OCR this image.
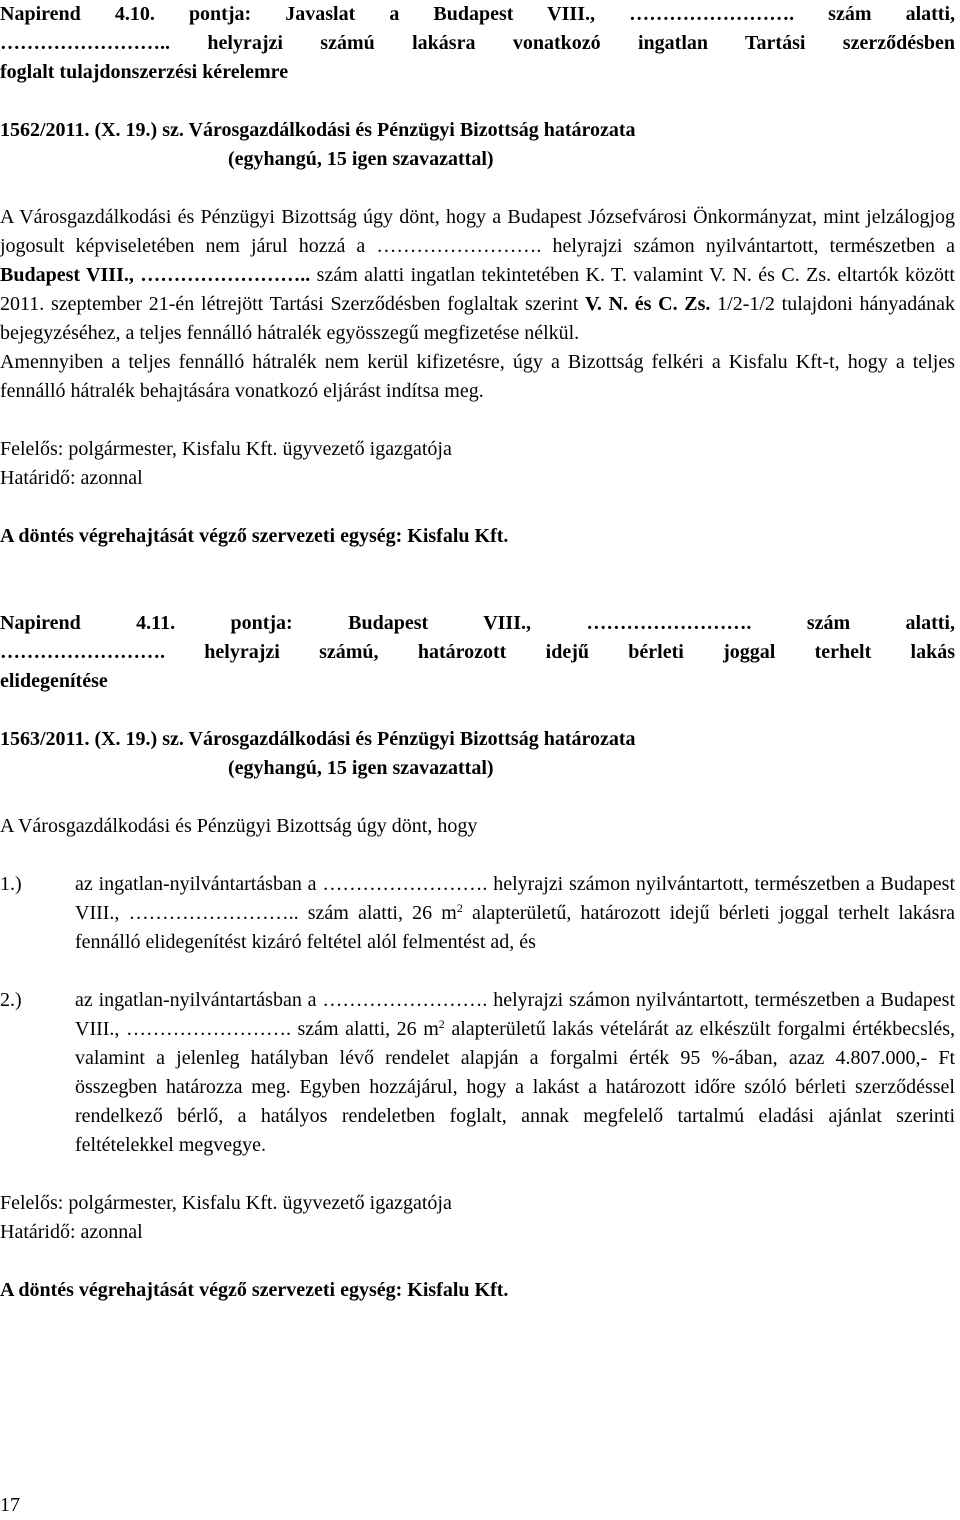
Napirend 4.10. pontja: Javaslat a Budapest VIII., ……………………. szám alatti,

…………………….. helyrajzi számú lakásra vonatkozó ingatlan Tartási szerződésben

foglalt tulajdonszerzési kérelemre

1562/2011. (X. 19.) sz. Városgazdálkodási és Pénzügyi Bizottság határozata

(egyhangú, 15 igen szavazattal)

A Városgazdálkodási és Pénzügyi Bizottság úgy dönt, hogy a Budapest Józsefvárosi Önkormányzat, mint jelzálogjog jogosult képviseletében nem járul hozzá a ……………………. helyrajzi számon nyilvántartott, természetben a Budapest VIII., …………………….. szám alatti ingatlan tekintetében K. T. valamint V. N. és C. Zs. eltartók között 2011. szeptember 21-én létrejött Tartási Szerződésben foglaltak szerint V. N. és C. Zs. 1/2-1/2 tulajdoni hányadának bejegyzéséhez, a teljes fennálló hátralék egyösszegű megfizetése nélkül.

Amennyiben a teljes fennálló hátralék nem kerül kifizetésre, úgy a Bizottság felkéri a Kisfalu Kft-t, hogy a teljes fennálló hátralék behajtására vonatkozó eljárást indítsa meg.

Felelős: polgármester, Kisfalu Kft. ügyvezető igazgatója

Határidő: azonnal

A döntés végrehajtását végző szervezeti egység: Kisfalu Kft.

Napirend 4.11. pontja: Budapest VIII., ……………………. szám alatti,

……………………. helyrajzi számú, határozott idejű bérleti joggal terhelt lakás

elidegenítése

1563/2011. (X. 19.) sz. Városgazdálkodási és Pénzügyi Bizottság határozata

(egyhangú, 15 igen szavazattal)

A Városgazdálkodási és Pénzügyi Bizottság úgy dönt, hogy

1.)	az ingatlan-nyilvántartásban a ……………………. helyrajzi számon nyilvántartott, természetben a Budapest VIII., …………………….. szám alatti, 26 $m^2$ alapterületű, határozott idejű bérleti joggal terhelt lakásra fennálló elidegenítést kizáró feltétel alól felmentést ad, és
2.)	az ingatlan-nyilvántartásban a ……………………. helyrajzi számon nyilvántartott, természetben a Budapest VIII., ……………………. szám alatti, 26 $m^2$ alapterületű lakás vételárát az elkészült forgalmi értékbecslés, valamint a jelenleg hatályban lévő rendelet alapján a forgalmi érték 95 %-ában, azaz 4.807.000,- Ft összegben határozza meg. Egyben hozzájárul, hogy a lakást a határozott időre szóló bérleti szerződéssel rendelkező bérlő, a hatályos rendeletben foglalt, annak megfelelő tartalmú eladási ajánlat szerinti feltételekkel megvegye.

Felelős: polgármester, Kisfalu Kft. ügyvezető igazgatója

Határidő: azonnal

A döntés végrehajtását végző szervezeti egység: Kisfalu Kft.

17
